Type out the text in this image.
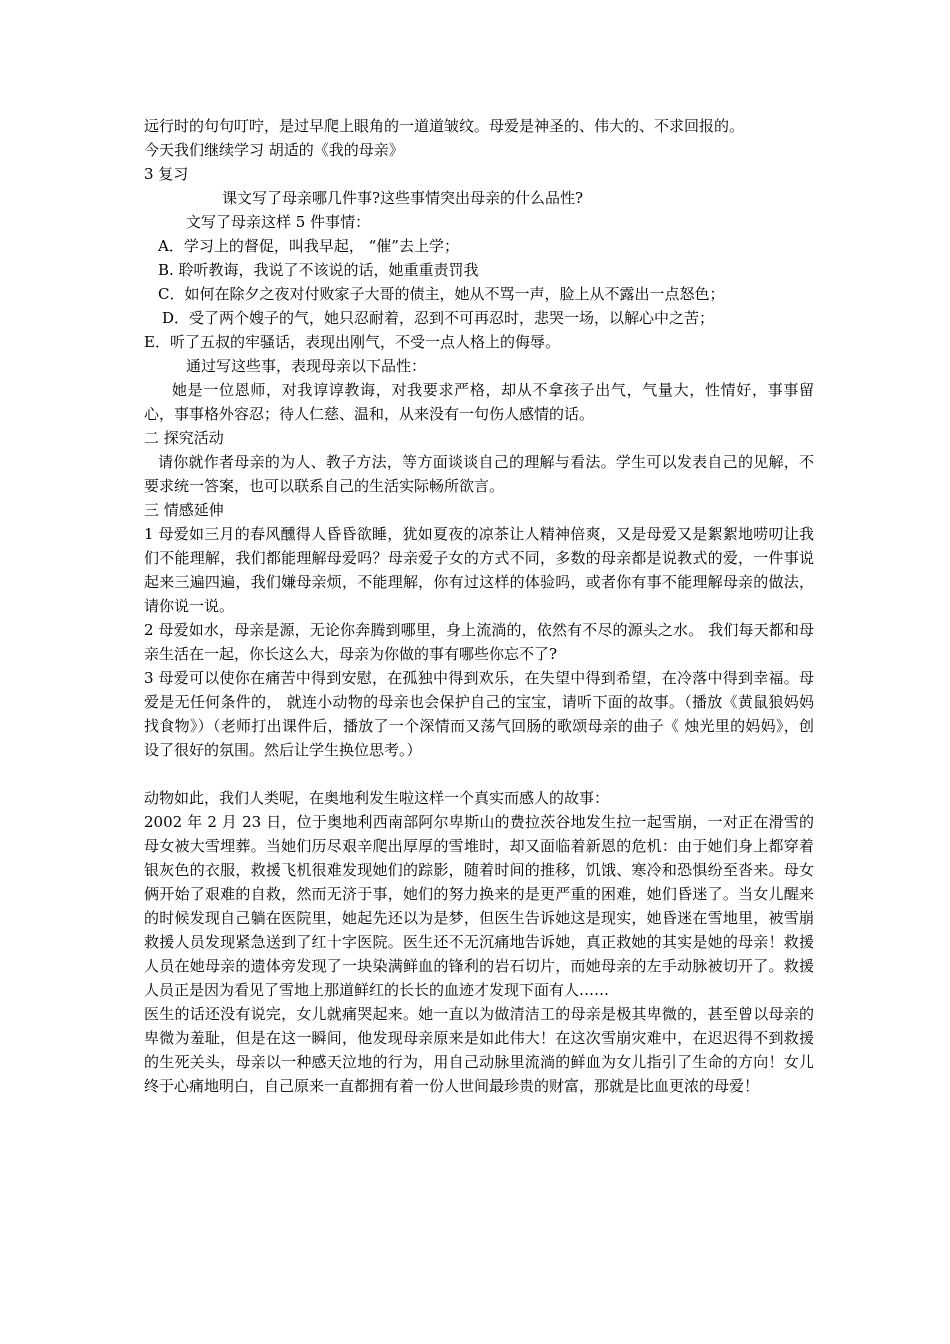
远行时的句句叮咛，是过早爬上眼角的一道道皱纹。母爱是神圣的、伟大的、不求回报的。
今天我们继续学习 胡适的《我的母亲》
3 复习
课文写了母亲哪几件事?这些事情突出母亲的什么品性?
文写了母亲这样 5 件事情：
A．学习上的督促，叫我早起， “催”去上学；
B. 聆听教诲，我说了不该说的话，她重重责罚我
C．如何在除夕之夜对付败家子大哥的债主，她从不骂一声，脸上从不露出一点怒色；
D．受了两个嫂子的气，她只忍耐着，忍到不可再忍时，悲哭一场，以解心中之苦；
E．听了五叔的牢骚话，表现出刚气，不受一点人格上的侮辱。
通过写这些事，表现母亲以下品性：
她是一位恩师，对我谆谆教诲，对我要求严格，却从不拿孩子出气，气量大，性情好，事事留心，事事格外容忍；待人仁慈、温和，从来没有一句伤人感情的话。
二 探究活动
请你就作者母亲的为人、教子方法，等方面谈谈自己的理解与看法。学生可以发表自己的见解，不要求统一答案，也可以联系自己的生活实际畅所欲言。
三 情感延伸
1 母爱如三月的春风醺得人昏昏欲睡，犹如夏夜的凉茶让人精神倍爽，又是母爱又是絮絮地唠叨让我们不能理解，我们都能理解母爱吗？母亲爱子女的方式不同，多数的母亲都是说教式的爱，一件事说起来三遍四遍，我们嫌母亲烦，不能理解，你有过这样的体验吗，或者你有事不能理解母亲的做法，请你说一说。
2 母爱如水，母亲是源，无论你奔腾到哪里，身上流淌的，依然有不尽的源头之水。 我们每天都和母亲生活在一起，你长这么大，母亲为你做的事有哪些你忘不了?
3 母爱可以使你在痛苦中得到安慰，在孤独中得到欢乐，在失望中得到希望，在冷落中得到幸福。母爱是无任何条件的， 就连小动物的母亲也会保护自己的宝宝，请听下面的故事。（播放《黄鼠狼妈妈找食物》）（老师打出课件后，播放了一个深情而又荡气回肠的歌颂母亲的曲子《 烛光里的妈妈》，创设了很好的氛围。然后让学生换位思考。）
动物如此，我们人类呢，在奥地利发生啦这样一个真实而感人的故事：
2002 年 2 月 23 日，位于奥地利西南部阿尔卑斯山的费拉茨谷地发生拉一起雪崩，一对正在滑雪的母女被大雪埋葬。当她们历尽艰辛爬出厚厚的雪堆时，却又面临着新恩的危机：由于她们身上都穿着银灰色的衣服，救援飞机很难发现她们的踪影，随着时间的推移，饥饿、寒冷和恐惧纷至沓来。母女俩开始了艰难的自救，然而无济于事，她们的努力换来的是更严重的困难，她们昏迷了。当女儿醒来的时候发现自己躺在医院里，她起先还以为是梦，但医生告诉她这是现实，她昏迷在雪地里，被雪崩救援人员发现紧急送到了红十字医院。医生还不无沉痛地告诉她，真正救她的其实是她的母亲！救援人员在她母亲的遗体旁发现了一块染满鲜血的锋利的岩石切片，而她母亲的左手动脉被切开了。救援人员正是因为看见了雪地上那道鲜红的长长的血迹才发现下面有人……
医生的话还没有说完，女儿就痛哭起来。她一直以为做清洁工的母亲是极其卑微的，甚至曾以母亲的卑微为羞耻，但是在这一瞬间，他发现母亲原来是如此伟大！在这次雪崩灾难中，在迟迟得不到救援的生死关头，母亲以一种感天泣地的行为，用自己动脉里流淌的鲜血为女儿指引了生命的方向！女儿终于心痛地明白，自己原来一直都拥有着一份人世间最珍贵的财富，那就是比血更浓的母爱！
